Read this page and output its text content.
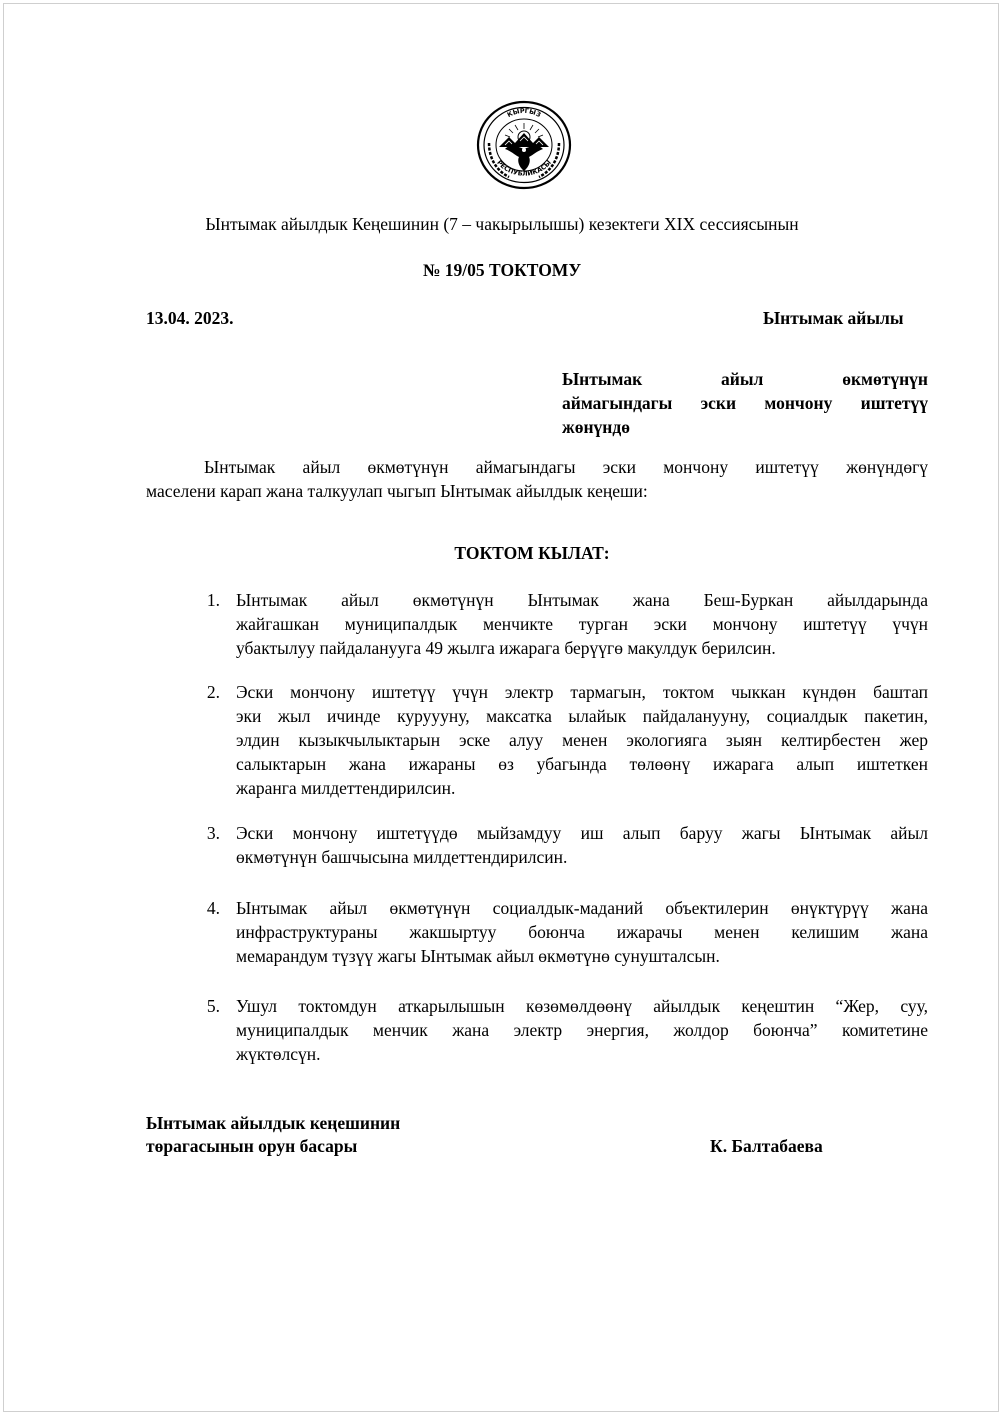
КЫРГЫЗ
РЕСПУБЛИКАСЫ
Ынтымак айылдык Кеңешинин (7 – чакырылышы) кезектеги XIX сессиясынын
№ 19/05 ТОКТОМУ
13.04. 2023.	Ынтымак айылы
Ынтымак айыл өкмөтүнүн
аймагындагы эски мончону иштетүү
жөнүндө
Ынтымак айыл өкмөтүнүн аймагындагы эски мончону иштетүү жөнүндөгү
маселени карап жана талкуулап чыгып Ынтымак айылдык кеңеши:
ТОКТОМ КЫЛАТ:
1. Ынтымак айыл өкмөтүнүн Ынтымак жана Беш-Буркан айылдарында
жайгашкан муниципалдык менчикте турган эски мончону иштетүү үчүн
убактылуу пайдаланууга 49 жылга ижарага берүүгө макулдук берилсин.
2. Эски мончону иштетүү үчүн электр тармагын, токтом чыккан күндөн баштап
эки жыл ичинде куруууну, максатка ылайык пайдаланууну, социалдык пакетин,
элдин кызыкчылыктарын эске алуу менен экологияга зыян келтирбестен жер
салыктарын жана ижараны өз убагында төлөөнү ижарага алып иштеткен
жаранга милдеттендирилсин.
3. Эски мончону иштетүүдө мыйзамдуу иш алып баруу жагы Ынтымак айыл
өкмөтүнүн башчысына милдеттендирилсин.
4. Ынтымак айыл өкмөтүнүн социалдык-маданий объектилерин өнүктүрүү жана
инфраструктураны жакшыртуу боюнча ижарачы менен келишим жана
мемарандум түзүү жагы Ынтымак айыл өкмөтүнө сунушталсын.
5. Ушул токтомдун аткарылышын көзөмөлдөөнү айылдык кеңештин “Жер, суу,
муниципалдык менчик жана электр энергия, жолдор боюнча” комитетине
жүктөлсүн.
Ынтымак айылдык кеңешинин
төрагасынын орун басары	К. Балтабаева
